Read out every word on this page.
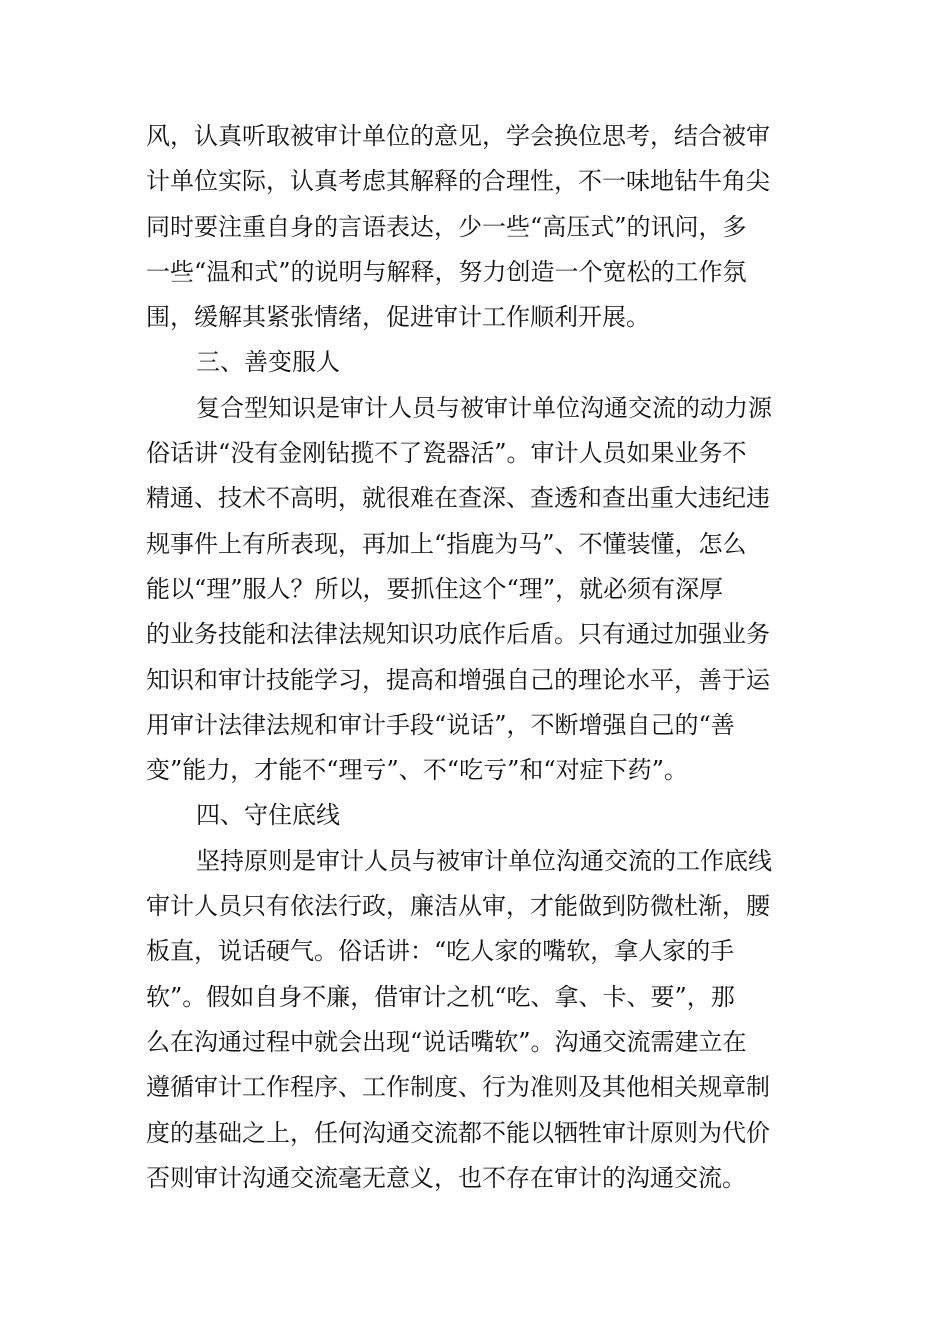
风，认真听取被审计单位的意见，学会换位思考，结合被审
计单位实际，认真考虑其解释的合理性，不一味地钻牛角尖
同时要注重自身的言语表达，少一些“高压式”的讯问，多
一些“温和式”的说明与解释，努力创造一个宽松的工作氛
围，缓解其紧张情绪，促进审计工作顺利开展。
三、善变服人
复合型知识是审计人员与被审计单位沟通交流的动力源
俗话讲“没有金刚钻揽不了瓷器活”。审计人员如果业务不
精通、技术不高明，就很难在查深、查透和查出重大违纪违
规事件上有所表现，再加上“指鹿为马”、不懂装懂，怎么
能以“理”服人？所以，要抓住这个“理”，就必须有深厚
的业务技能和法律法规知识功底作后盾。只有通过加强业务
知识和审计技能学习，提高和增强自己的理论水平，善于运
用审计法律法规和审计手段“说话”，不断增强自己的“善
变”能力，才能不“理亏”、不“吃亏”和“对症下药”。
四、守住底线
坚持原则是审计人员与被审计单位沟通交流的工作底线
审计人员只有依法行政，廉洁从审，才能做到防微杜渐，腰
板直，说话硬气。俗话讲：“吃人家的嘴软，拿人家的手
软”。假如自身不廉，借审计之机“吃、拿、卡、要”，那
么在沟通过程中就会出现“说话嘴软”。沟通交流需建立在
遵循审计工作程序、工作制度、行为准则及其他相关规章制
度的基础之上，任何沟通交流都不能以牺牲审计原则为代价
否则审计沟通交流毫无意义，也不存在审计的沟通交流。
